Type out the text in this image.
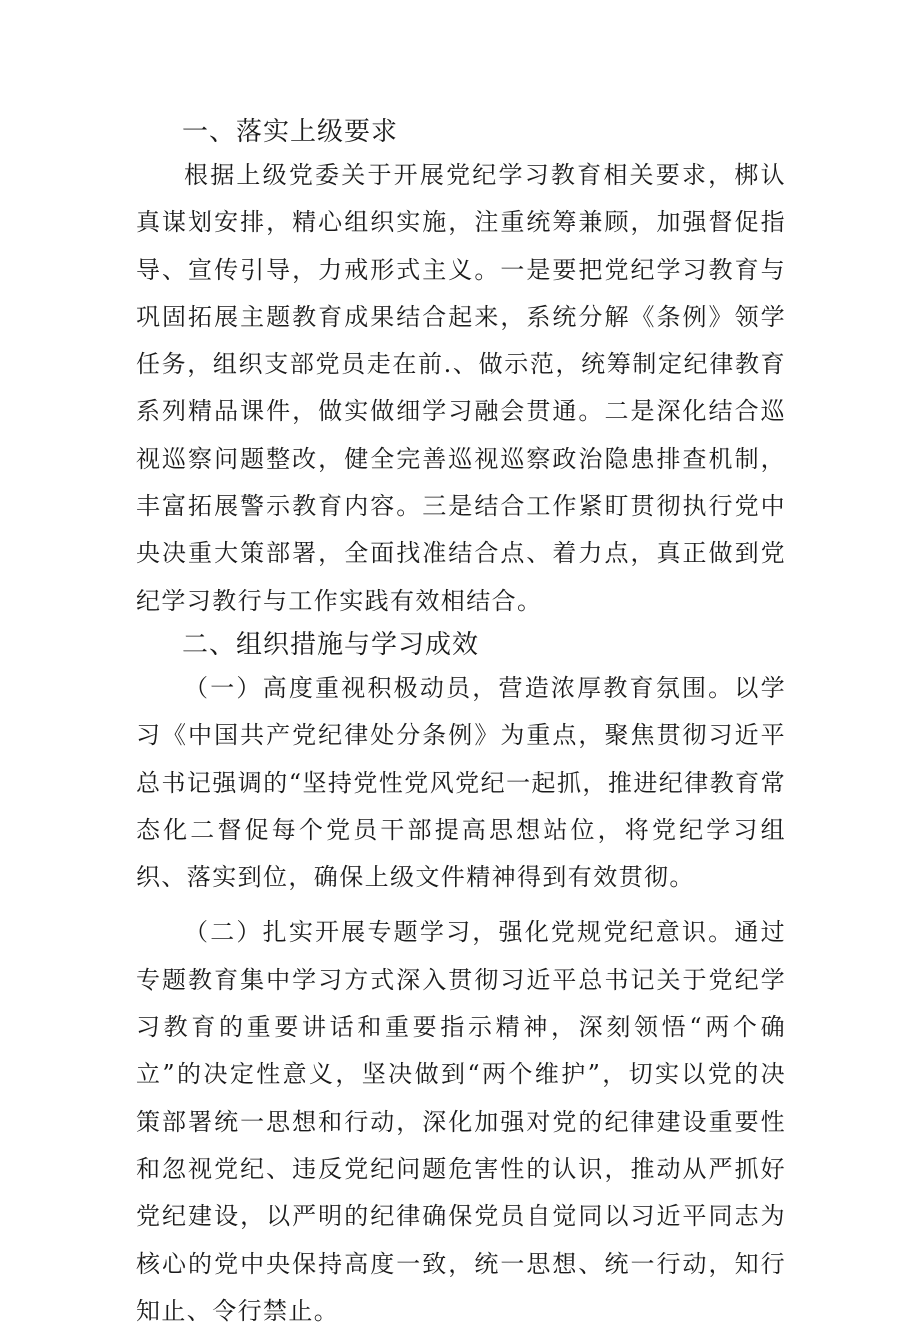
一、落实上级要求

根据上级党委关于开展党纪学习教育相关要求，梆认真谋划安排，精心组织实施，注重统筹兼顾，加强督促指导、宣传引导，力戒形式主义。一是要把党纪学习教育与巩固拓展主题教育成果结合起来，系统分解《条例》领学任务，组织支部党员走在前.、做示范，统筹制定纪律教育系列精品课件，做实做细学习融会贯通。二是深化结合巡视巡察问题整改，健全完善巡视巡察政治隐患排查机制，丰富拓展警示教育内容。三是结合工作紧盯贯彻执行党中央决重大策部署，全面找准结合点、着力点，真正做到党纪学习教行与工作实践有效相结合。

二、组织措施与学习成效

（一）高度重视积极动员，营造浓厚教育氛围。以学习《中国共产党纪律处分条例》为重点，聚焦贯彻习近平总书记强调的“坚持党性党风党纪一起抓，推进纪律教育常态化二督促每个党员干部提高思想站位，将党纪学习组织、落实到位，确保上级文件精神得到有效贯彻。

（二）扎实开展专题学习，强化党规党纪意识。通过专题教育集中学习方式深入贯彻习近平总书记关于党纪学习教育的重要讲话和重要指示精神，深刻领悟“两个确立”的决定性意义，坚决做到“两个维护”，切实以党的决策部署统一思想和行动，深化加强对党的纪律建设重要性和忽视党纪、违反党纪问题危害性的认识，推动从严抓好党纪建设，以严明的纪律确保党员自觉同以习近平同志为核心的党中央保持高度一致，统一思想、统一行动，知行知止、令行禁止。
